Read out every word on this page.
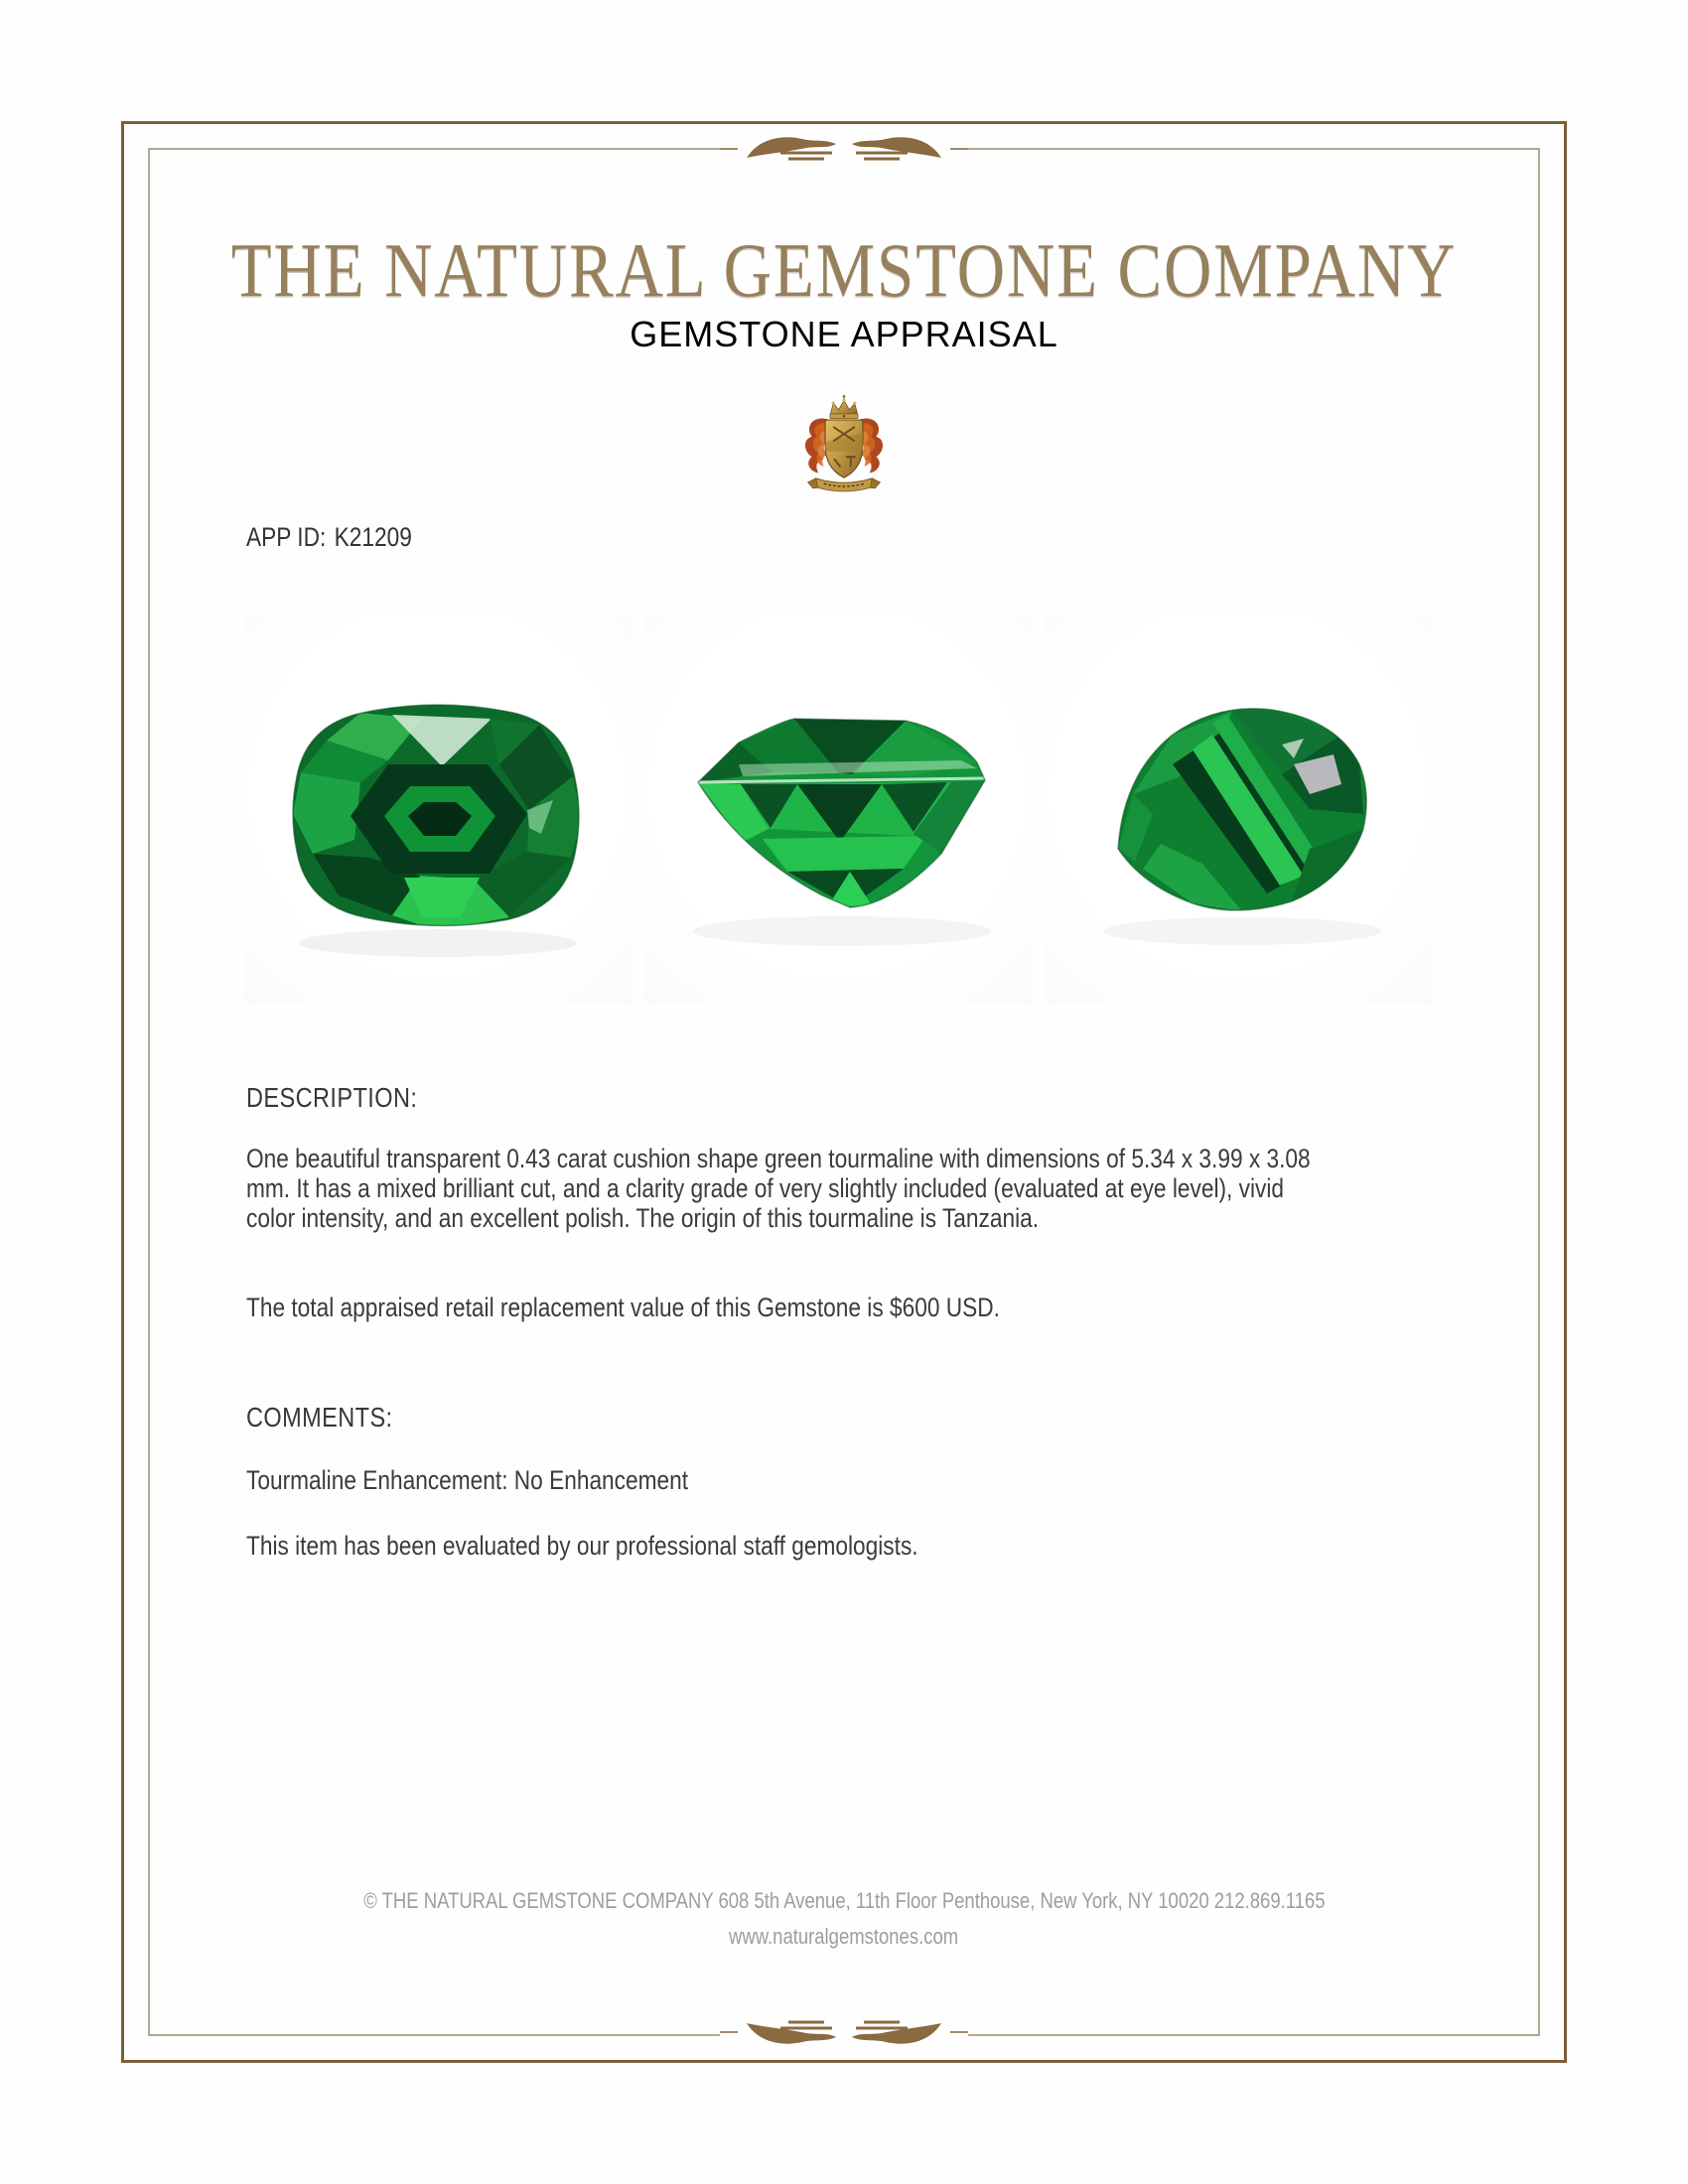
THE NATURAL GEMSTONE COMPANY
GEMSTONE APPRAISAL
APP ID: K21209
DESCRIPTION:
One beautiful transparent 0.43 carat cushion shape green tourmaline with dimensions of 5.34 x 3.99 x 3.08 mm. It has a mixed brilliant cut, and a clarity grade of very slightly included (evaluated at eye level), vivid color intensity, and an excellent polish. The origin of this tourmaline is Tanzania.
The total appraised retail replacement value of this Gemstone is $600 USD.
COMMENTS:
Tourmaline Enhancement: No Enhancement
This item has been evaluated by our professional staff gemologists.
© THE NATURAL GEMSTONE COMPANY 608 5th Avenue, 11th Floor Penthouse, New York, NY 10020 212.869.1165
www.naturalgemstones.com
